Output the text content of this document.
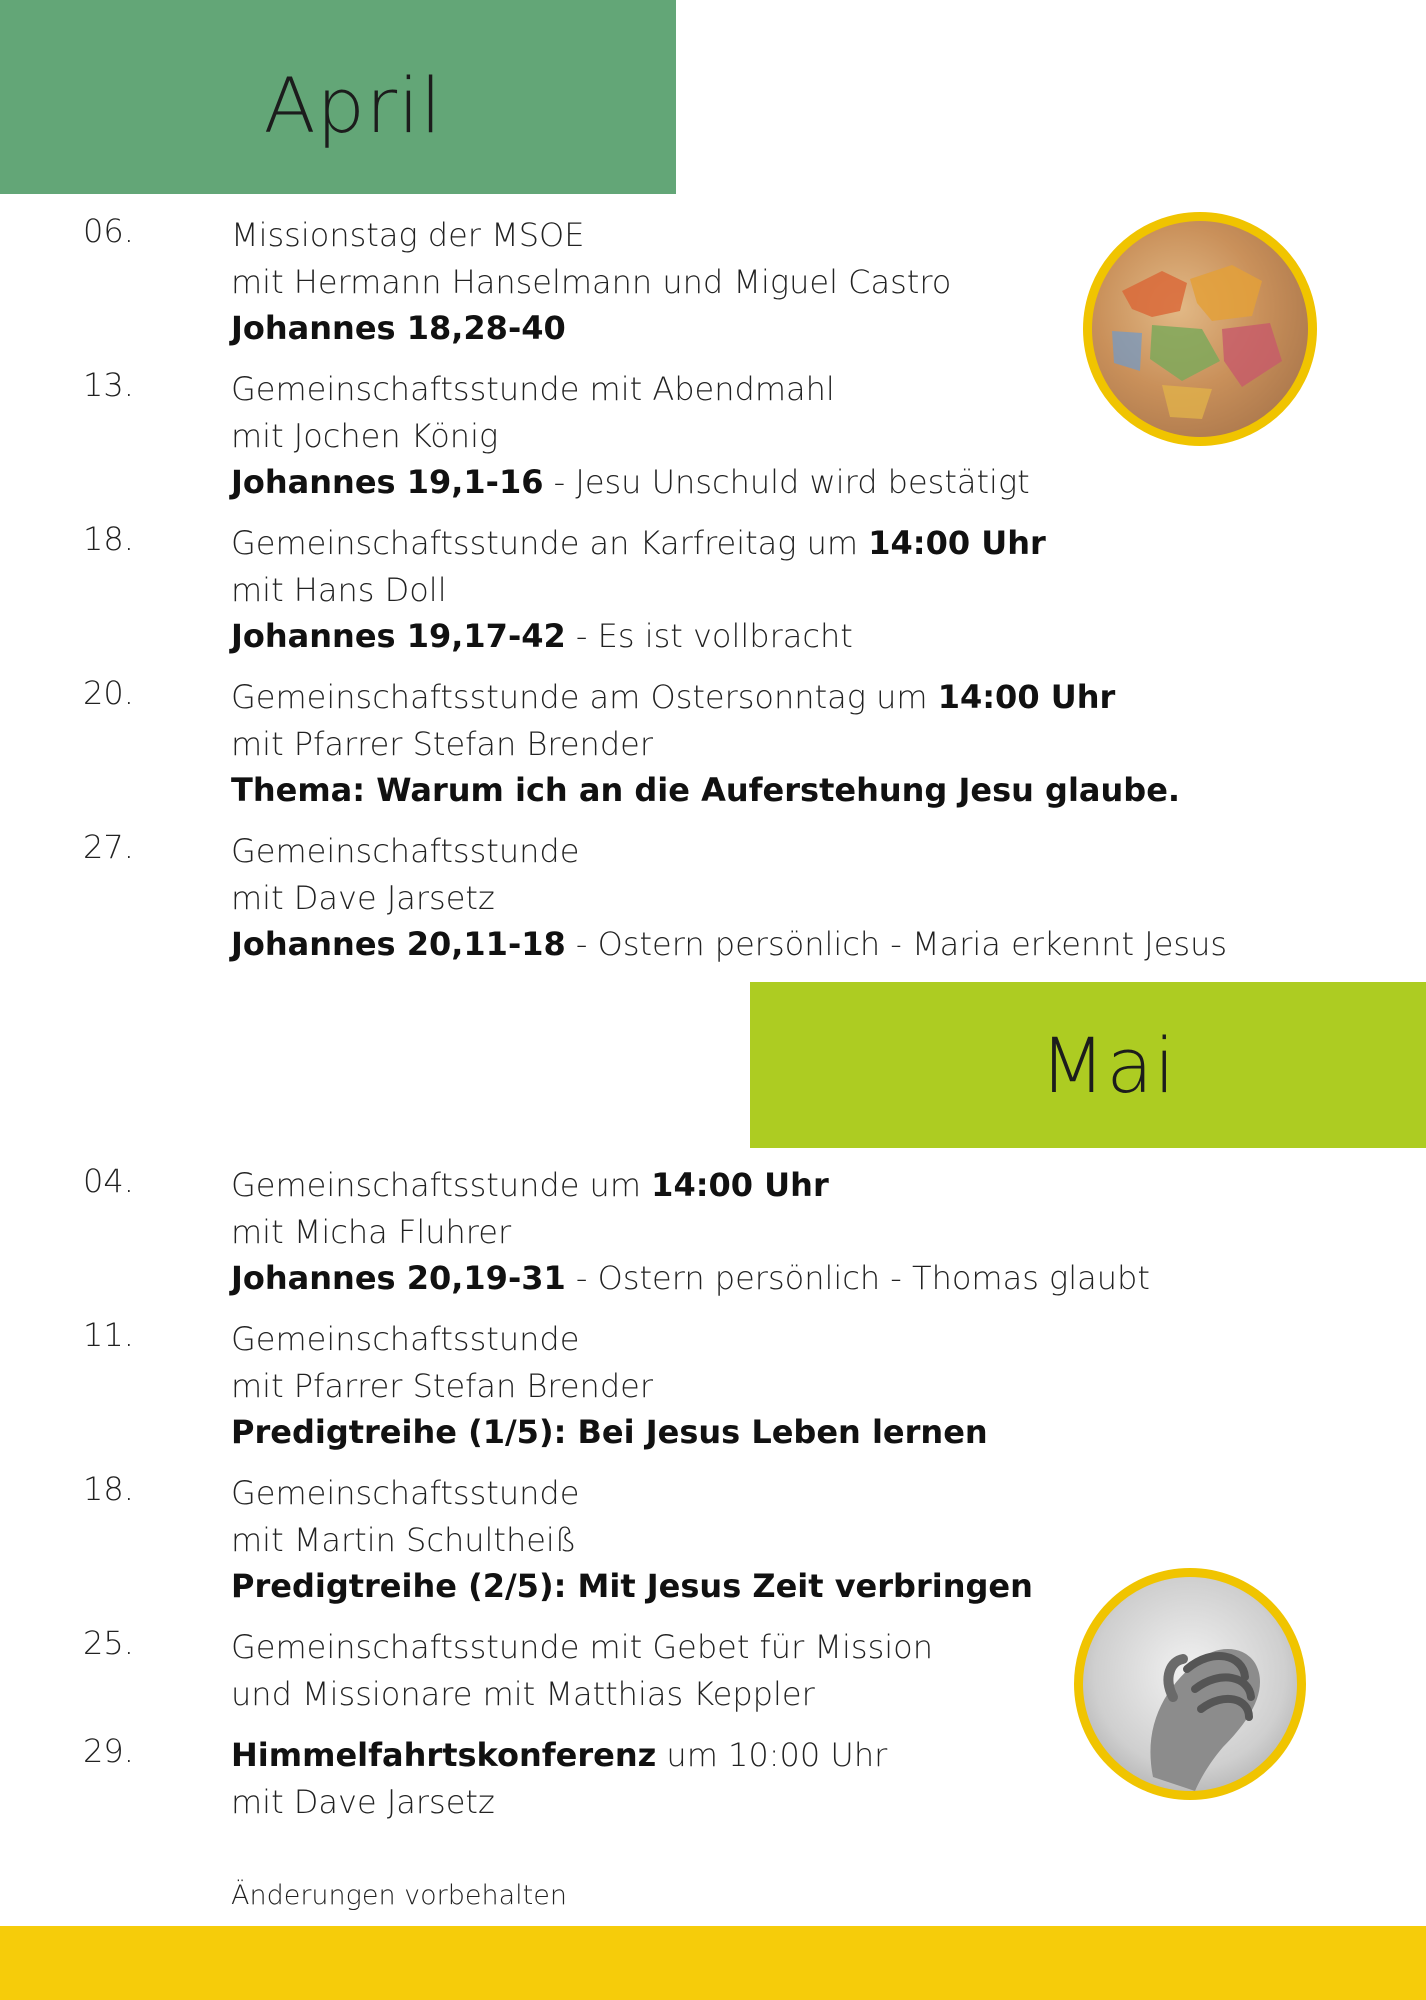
April
06.	Missionstag der MSOE
mit Hermann Hanselmann und Miguel Castro
Johannes 18,28-40
13.	Gemeinschaftsstunde mit Abendmahl
mit Jochen König
Johannes 19,1-16 - Jesu Unschuld wird bestätigt
18.	Gemeinschaftsstunde an Karfreitag um 14:00 Uhr
mit Hans Doll
Johannes 19,17-42 - Es ist vollbracht
20.	Gemeinschaftsstunde am Ostersonntag um 14:00 Uhr
mit Pfarrer Stefan Brender
Thema: Warum ich an die Auferstehung Jesu glaube.
27.	Gemeinschaftsstunde
mit Dave Jarsetz
Johannes 20,11-18 - Ostern persönlich - Maria erkennt Jesus
Mai
04.	Gemeinschaftsstunde um 14:00 Uhr
mit Micha Fluhrer
Johannes 20,19-31 - Ostern persönlich - Thomas glaubt
11.	Gemeinschaftsstunde
mit Pfarrer Stefan Brender
Predigtreihe (1/5): Bei Jesus Leben lernen
18.	Gemeinschaftsstunde
mit Martin Schultheiß
Predigtreihe (2/5): Mit Jesus Zeit verbringen
25.	Gemeinschaftsstunde mit Gebet für Mission
und Missionare mit Matthias Keppler
29.	Himmelfahrtskonferenz um 10:00 Uhr
mit Dave Jarsetz
Änderungen vorbehalten
